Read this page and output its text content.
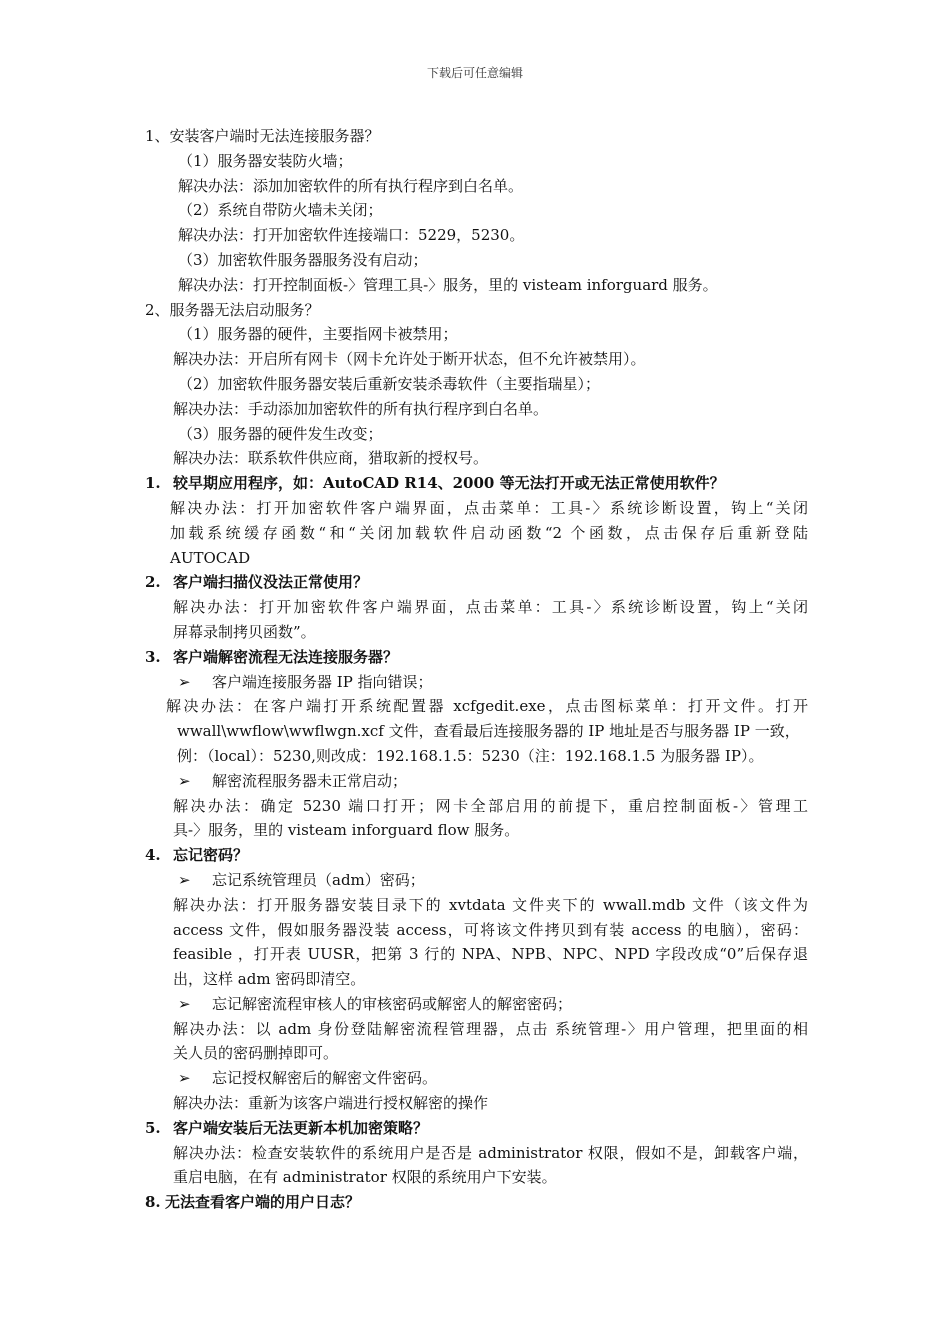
下载后可任意编辑
1、安装客户端时无法连接服务器？
（1）服务器安装防火墙；
解决办法：添加加密软件的所有执行程序到白名单。
（2）系统自带防火墙未关闭；
解决办法：打开加密软件连接端口：5229，5230。
（3）加密软件服务器服务没有启动；
解决办法：打开控制面板-〉管理工具-〉服务，里的 visteam inforguard 服务。
2、服务器无法启动服务？
（1）服务器的硬件，主要指网卡被禁用；
解决办法：开启所有网卡（网卡允许处于断开状态，但不允许被禁用）。
（2）加密软件服务器安装后重新安装杀毒软件（主要指瑞星）；
解决办法：手动添加加密软件的所有执行程序到白名单。
（3）服务器的硬件发生改变；
解决办法：联系软件供应商，猎取新的授权号。
1. 较早期应用程序，如：AutoCAD R14、2000 等无法打开或无法正常使用软件？
解决办法：打开加密软件客户端界面，点击菜单：工具-〉系统诊断设置，钩上“关闭
加载系统缓存函数“和“关闭加载软件启动函数“2 个函数，点击保存后重新登陆
AUTOCAD
2. 客户端扫描仪没法正常使用？
解决办法：打开加密软件客户端界面，点击菜单：工具-〉系统诊断设置，钩上“关闭
屏幕录制拷贝函数”。
3. 客户端解密流程无法连接服务器？
➢ 客户端连接服务器 IP 指向错误；
解决办法：在客户端打开系统配置器 xcfgedit.exe，点击图标菜单：打开文件。打开
wwall\wwflow\wwflwgn.xcf 文件，查看最后连接服务器的 IP 地址是否与服务器 IP 一致，
例：（local）：5230,则改成：192.168.1.5：5230（注：192.168.1.5 为服务器 IP）。
➢ 解密流程服务器未正常启动；
解决办法：确定 5230 端口打开；网卡全部启用的前提下，重启控制面板-〉管理工
具-〉服务，里的 visteam inforguard flow 服务。
4. 忘记密码？
➢ 忘记系统管理员（adm）密码；
解决办法：打开服务器安装目录下的 xvtdata 文件夹下的 wwall.mdb 文件（该文件为
access 文件，假如服务器没装 access，可将该文件拷贝到有装 access 的电脑），密码：
feasible ，打开表 UUSR，把第 3 行的 NPA、NPB、NPC、NPD 字段改成“0”后保存退
出，这样 adm 密码即清空。
➢ 忘记解密流程审核人的审核密码或解密人的解密密码；
解决办法：以 adm 身份登陆解密流程管理器，点击 系统管理-〉用户管理，把里面的相
关人员的密码删掉即可。
➢ 忘记授权解密后的解密文件密码。
解决办法：重新为该客户端进行授权解密的操作
5. 客户端安装后无法更新本机加密策略？
解决办法：检查安装软件的系统用户是否是 administrator 权限，假如不是，卸载客户端，
重启电脑，在有 administrator 权限的系统用户下安装。
8. 无法查看客户端的用户日志？
